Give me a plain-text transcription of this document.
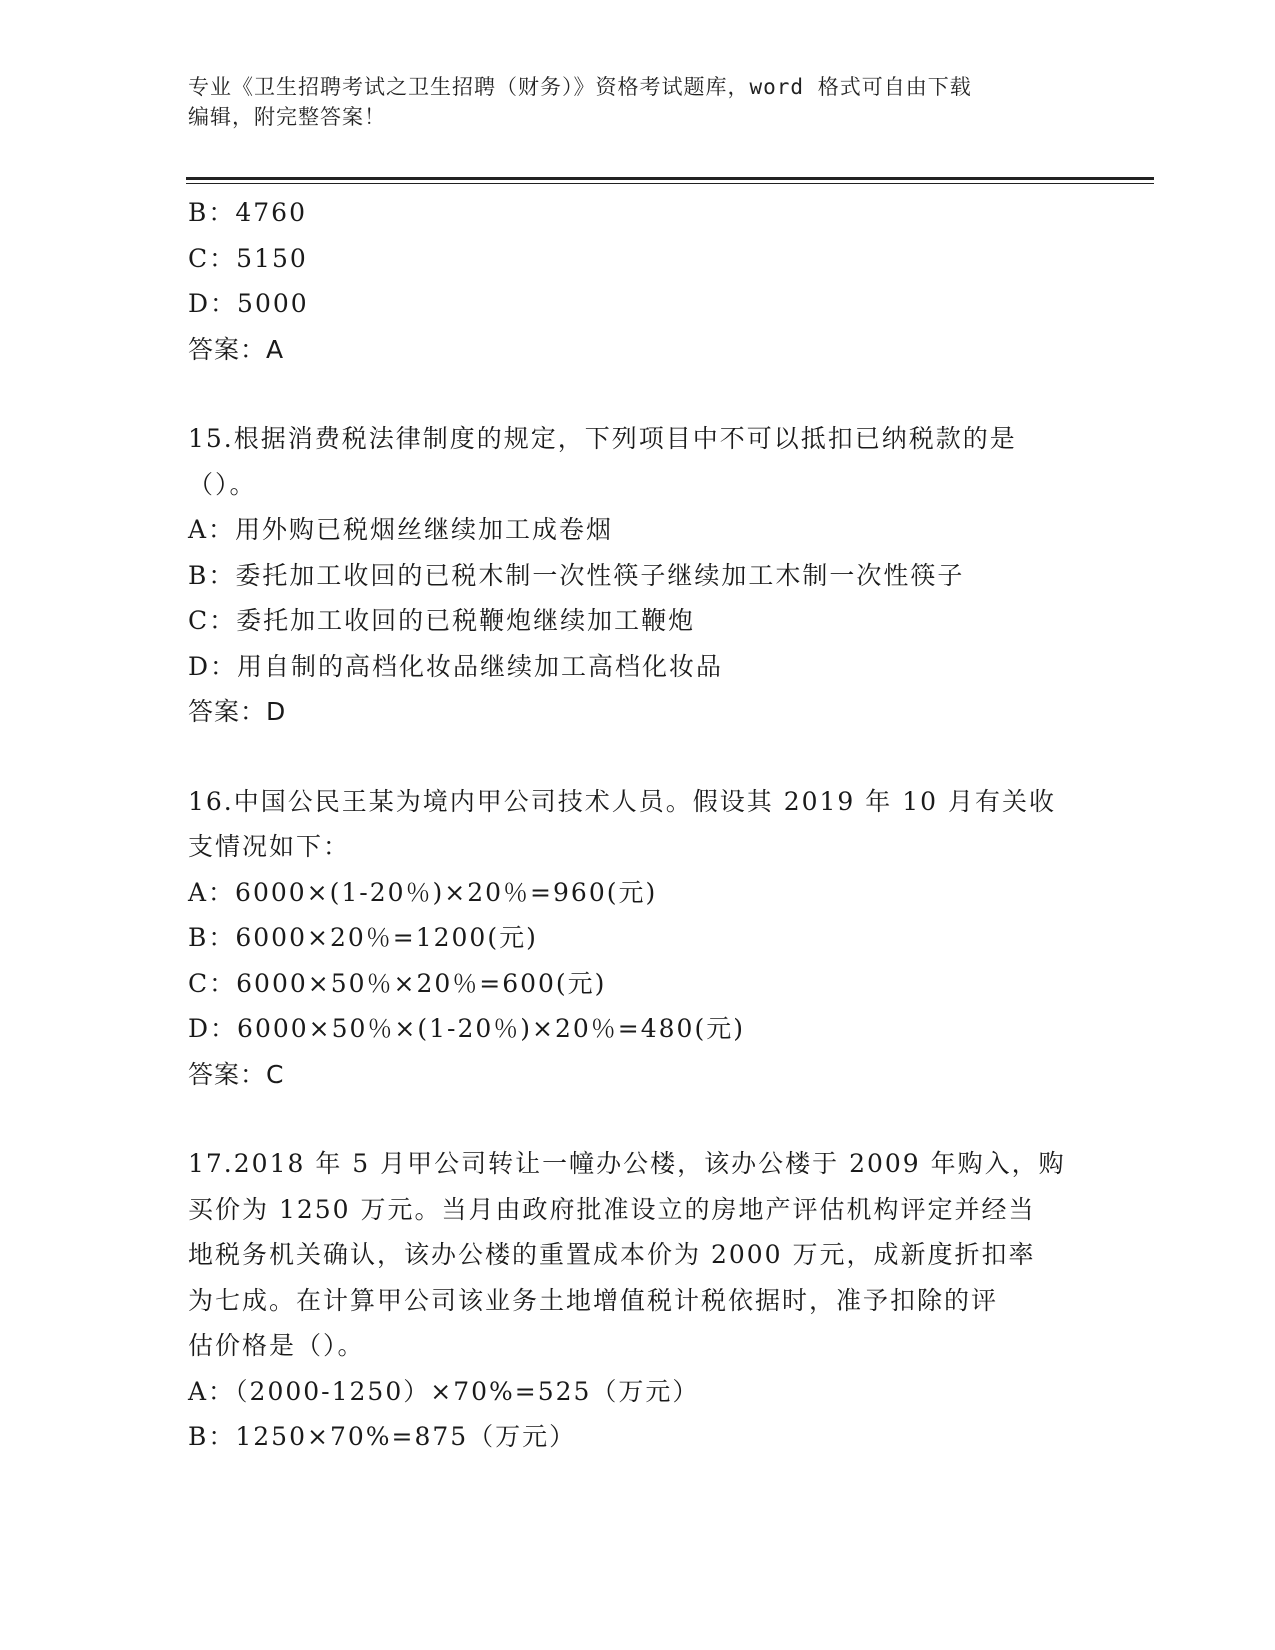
专业《卫生招聘考试之卫生招聘（财务）》资格考试题库，word 格式可自由下载
编辑，附完整答案！
B：4760
C：5150
D：5000
答案：A
15.根据消费税法律制度的规定，下列项目中不可以抵扣已纳税款的是
（）。
A：用外购已税烟丝继续加工成卷烟
B：委托加工收回的已税木制一次性筷子继续加工木制一次性筷子
C：委托加工收回的已税鞭炮继续加工鞭炮
D：用自制的高档化妆品继续加工高档化妆品
答案：D
16.中国公民王某为境内甲公司技术人员。假设其 2019 年 10 月有关收
支情况如下：
A：6000×(1-20％)×20％=960(元)
B：6000×20％=1200(元)
C：6000×50％×20％=600(元)
D：6000×50％×(1-20％)×20％=480(元)
答案：C
17.2018 年 5 月甲公司转让一幢办公楼，该办公楼于 2009 年购入，购
买价为 1250 万元。当月由政府批准设立的房地产评估机构评定并经当
地税务机关确认，该办公楼的重置成本价为 2000 万元，成新度折扣率
为七成。在计算甲公司该业务土地增值税计税依据时，准予扣除的评
估价格是（）。
A：（2000-1250）×70%=525（万元）
B：1250×70%=875（万元）
